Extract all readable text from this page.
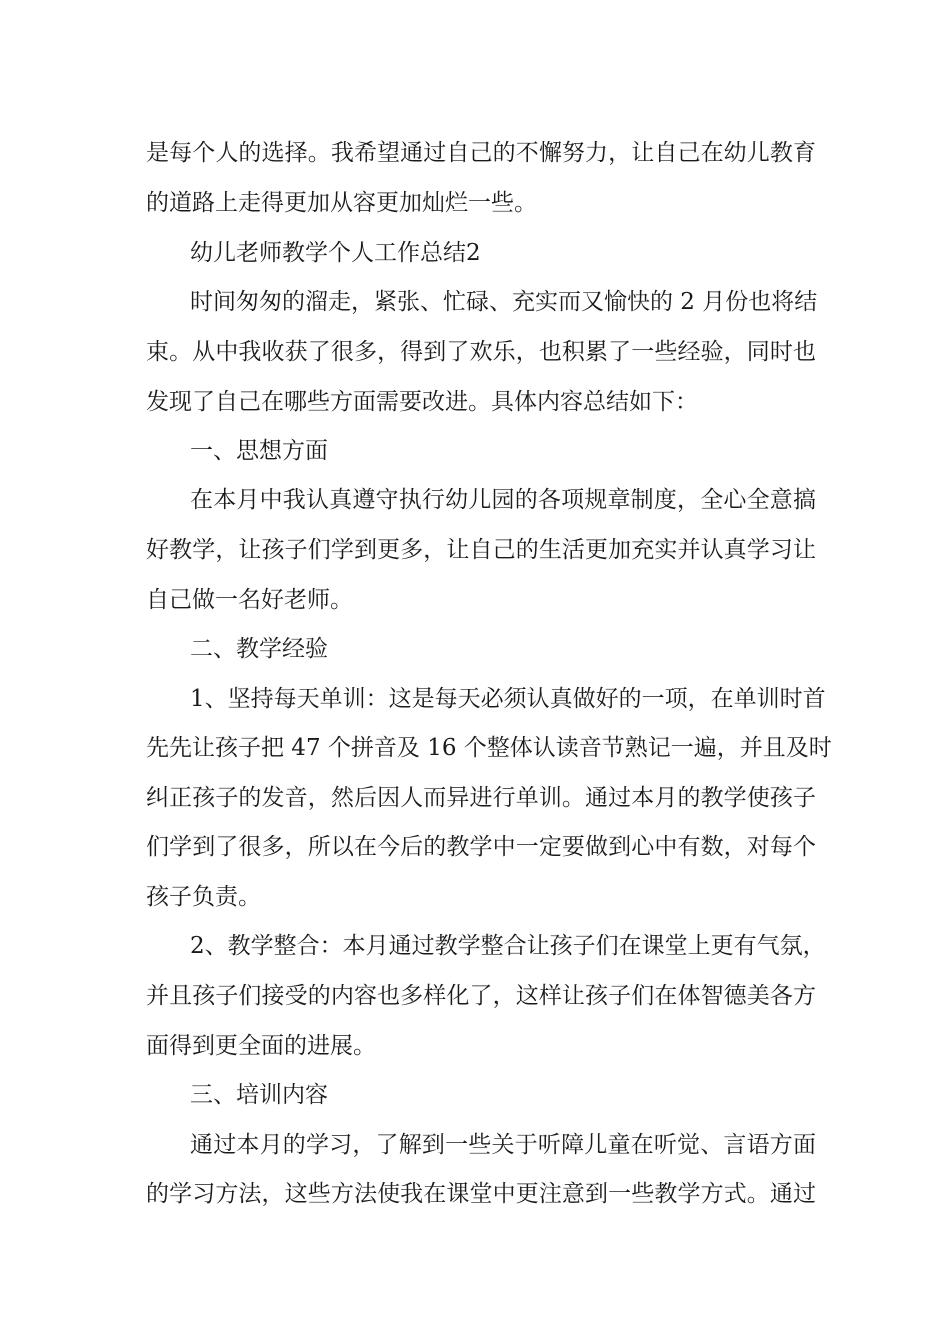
是每个人的选择。我希望通过自己的不懈努力，让自己在幼儿教育
的道路上走得更加从容更加灿烂一些。
幼儿老师教学个人工作总结2
时间匆匆的溜走，紧张、忙碌、充实而又愉快的 2 月份也将结
束。从中我收获了很多，得到了欢乐，也积累了一些经验，同时也
发现了自己在哪些方面需要改进。具体内容总结如下：
一、思想方面
在本月中我认真遵守执行幼儿园的各项规章制度，全心全意搞
好教学，让孩子们学到更多，让自己的生活更加充实并认真学习让
自己做一名好老师。
二、教学经验
1、坚持每天单训：这是每天必须认真做好的一项，在单训时首
先先让孩子把 47 个拼音及 16 个整体认读音节熟记一遍，并且及时
纠正孩子的发音，然后因人而异进行单训。通过本月的教学使孩子
们学到了很多，所以在今后的教学中一定要做到心中有数，对每个
孩子负责。
2、教学整合：本月通过教学整合让孩子们在课堂上更有气氛，
并且孩子们接受的内容也多样化了，这样让孩子们在体智德美各方
面得到更全面的进展。
三、培训内容
通过本月的学习，了解到一些关于听障儿童在听觉、言语方面
的学习方法，这些方法使我在课堂中更注意到一些教学方式。通过
